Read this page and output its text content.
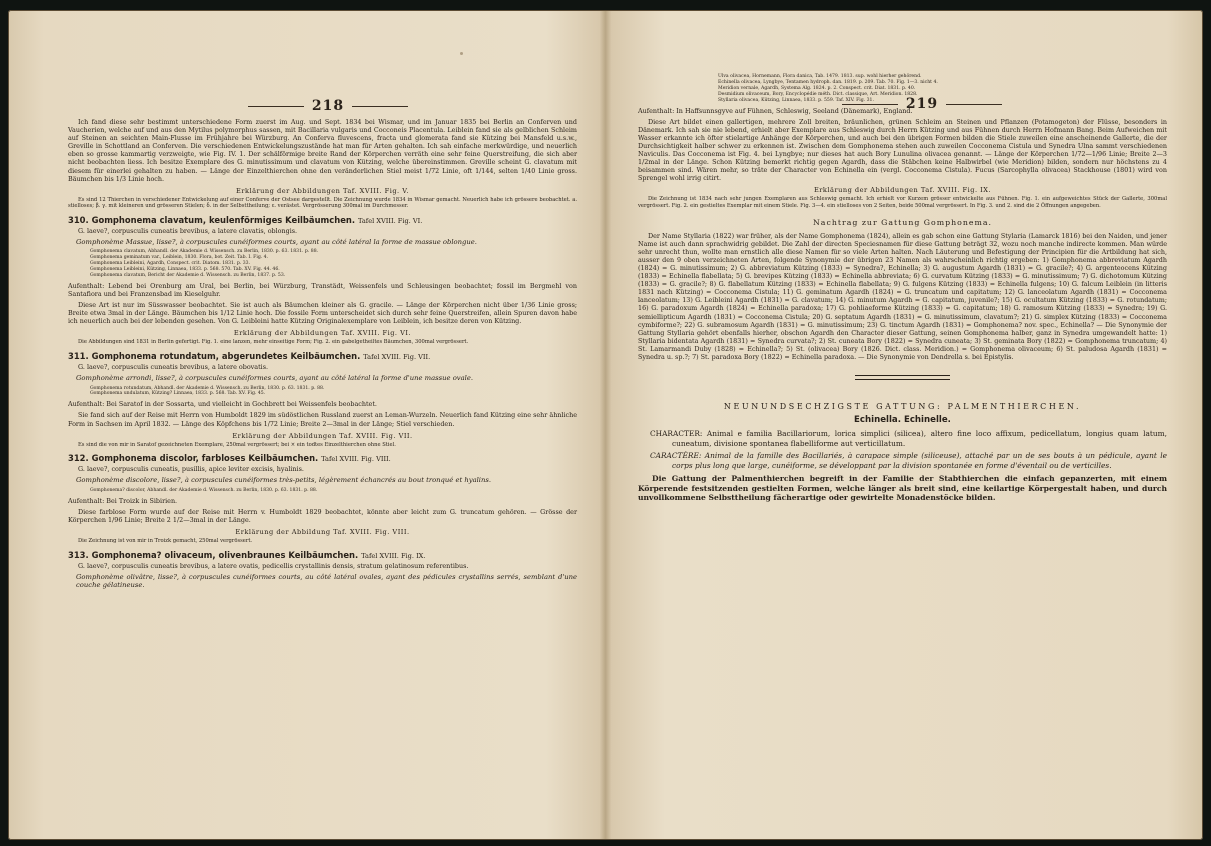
218

Ich fand diese sehr bestimmt unterschiedene Form zuerst im Aug. und Sept. 1834 bei Wismar, und im Januar 1835 bei Berlin an Conferven und Vaucherien, welche auf und aus den Mytilus polymorphus sassen, mit Bacillaria vulgaris und Cocconeis Placentula. Leiblein fand sie als gelblichen Schleim auf Steinen an seichten Main-Flusse im Frühjahre bei Würzburg. An Conferva fluvescens, fracta und glomerata fand sie Kützing bei Mansfeld u.s.w., Greville in Schottland an Conferven. Die verschiedenen Entwickelungszustände hat man für Arten gehalten. Ich sah einfache merkwürdige, und neuerlich eben so grosse kammartig verzweigte, wie Fig. IV. 1. Der schälförmige breite Rand der Körperchen verräth eine sehr feine Querstreifung, die sich aber nicht beobachten liess. Ich besitze Exemplare des G. minutissimum und clavatum von Kützing, welche übereinstimmen. Greville scheint G. clavatum mit diesem für einerlei gehalten zu haben. — Länge der Einzelthierchen ohne den veränderlichen Stiel meist 1/72 Linie, oft 1/144, selten 1/40 Linie gross. Bäumchen bis 1/3 Linie hoch.

Erklärung der Abbildungen Taf. XVIII. Fig. V.

Es sind 12 Thierchen in verschiedener Entwickelung auf einer Conferve der Ostsee dargestellt. Die Zeichnung wurde 1834 in Wismar gemacht. Neuerlich habe ich grössere beobachtet. a. stielloses; β. γ. mit kleineren und grösseren Stielen; δ. in der Selbsttheilung; ε. verästet. Vergrösserung 300mal im Durchmesser.

310. Gomphonema clavatum, keulenförmiges Keilbäumchen. Tafel XVIII. Fig. VI.

G. laeve?, corpusculis cuneatis brevibus, a latere clavatis, oblongis.

Gomphonème Massue, lisse?, à corpuscules cunéiformes courts, ayant au côté latéral la forme de massue oblongue.

Gomphonema clavatum, Abhandl. der Akademie d. Wissensch. zu Berlin, 1830. p. 63. 1831. p. 88.

Gomphonema geminatum var., Leiblein, 1830. Flora, bot. Zeit. Tab. I. Fig. 4.

Gomphonema Leibleini, Agardh, Conspect. crit. Diatom. 1831. p. 33.

Gomphonema Leibleini, Kützing, Linnaea, 1833. p. 568. 570. Tab. XV. Fig. 44. 46.

Gomphonema clavatum, Bericht der Akademie d. Wissensch. zu Berlin, 1837. p. 53.

Aufenthalt: Lebend bei Orenburg am Ural, bei Berlin, bei Würzburg, Transtädt, Weissenfels und Schleusingen beobachtet; fossil im Bergmehl von Santafiora und bei Franzensbad im Kieselguhr.

Diese Art ist nur im Süsswasser beobachtet. Sie ist auch als Bäumchen kleiner als G. gracile. — Länge der Körperchen nicht über 1/36 Linie gross; Breite etwa 3mal in der Länge. Bäumchen bis 1/12 Linie hoch. Die fossile Form unterscheidet sich durch sehr feine Querstreifen, allein Spuren davon habe ich neuerlich auch bei der lebenden gesehen. Von G. Leibleini hatte Kützing Originalexemplare von Leiblein, ich besitze deren von Kützing.

Erklärung der Abbildungen Taf. XVIII. Fig. VI.

Die Abbildungen sind 1831 in Berlin gefertigt. Fig. 1. eine lanzen, mehr einseitige Form; Fig. 2. ein gabelgetheiltes Bäumchen, 300mal vergrössert.

311. Gomphonema rotundatum, abgerundetes Keilbäumchen. Tafel XVIII. Fig. VII.

G. laeve?, corpusculis cuneatis brevibus, a latere obovatis.

Gomphonème arrondi, lisse?, à corpuscules cunéiformes courts, ayant au côté latéral la forme d'une massue ovale.

Gomphonema rotundatum, Abhandl. der Akademie d. Wissensch. zu Berlin, 1830. p. 63. 1831. p. 88.

Gomphonema undulatum, Kützing? Linnaea, 1833. p. 568. Tab. XV. Fig. 45.

Aufenthalt: Bei Saratof in der Sossarta, und vielleicht in Gochbrett bei Weissenfels beobachtet.

Sie fand sich auf der Reise mit Herrn von Humboldt 1829 im südöstlichen Russland zuerst an Leman-Wurzeln. Neuerlich fand Kützing eine sehr ähnliche Form in Sachsen im April 1832. — Länge des Köpfchens bis 1/72 Linie; Breite 2—3mal in der Länge; Stiel verschieden.

Erklärung der Abbildungen Taf. XVIII. Fig. VII.

Es sind die von mir in Saratof gezeichneten Exemplare, 250mal vergrössert; bei × ein todtes Einzelthierchen ohne Stiel.

312. Gomphonema discolor, farbloses Keilbäumchen. Tafel XVIII. Fig. VIII.

G. laeve?, corpusculis cuneatis, pusillis, apice leviter excisis, hyalinis.

Gomphonème discolore, lisse?, à corpuscules cunéiformes très-petits, légèrement échancrés au bout tronqué et hyalins.

Gomphonema? discolor, Abhandl. der Akademie d. Wissensch. zu Berlin, 1830. p. 63. 1831. p. 88.

Aufenthalt: Bei Troizk in Sibirien.

Diese farblose Form wurde auf der Reise mit Herrn v. Humboldt 1829 beobachtet, könnte aber leicht zum G. truncatum gehören. — Grösse der Körperchen 1/96 Linie; Breite 2 1/2—3mal in der Länge.

Erklärung der Abbildung Taf. XVIII. Fig. VIII.

Die Zeichnung ist von mir in Troizk gemacht, 250mal vergrössert.

313. Gomphonema? olivaceum, olivenbraunes Keilbäumchen. Tafel XVIII. Fig. IX.

G. laeve?, corpusculis cuneatis brevibus, a latere ovatis, pedicellis crystallinis densis, stratum gelatinosum referentibus.

Gomphonème olivâtre, lisse?, à corpuscules cunéiformes courts, au côté latéral ovales, ayant des pédicules crystallins serrés, semblant d'une couche gélatineuse.

219

Ulva olivacea, Hornemann, Flora danica, Tab. 1479. 1813. sup. wohl hierher gehörend.

Echinella olivacea, Lyngbye, Tentamen hydroph. dan. 1819. p. 209. Tab. 70. Fig. 1—3. nicht 4.

Meridion vernale, Agardh, Systema Alg. 1824. p. 2. Conspect. crit. Diat. 1831. p. 40.

Desmidium olivaceum, Bory, Encyclopédie méth. Dict. classique, Art. Meridion. 1828.

Styllaria olivacea, Kützing, Linnaea, 1833. p. 559. Taf. XIV. Fig. 31.

Aufenthalt: In Haffsunnsgyve auf Fühnen, Schleswig, Seeland (Dänemark), England.

Diese Art bildet einen gallertigen, mehrere Zoll breiten, bräunlichen, grünen Schleim an Steinen und Pflanzen (Potamogeton) der Flüsse, besonders in Dänemark. Ich sah sie nie lebend, erhielt aber Exemplare aus Schleswig durch Herrn Kützing und aus Fühnen durch Herrn Hofmann Bang. Beim Aufweichen mit Wasser erkannte ich öfter stielartige Anhänge der Körperchen, und auch bei den übrigen Formen bilden die Stiele zuweilen eine anscheinende Gallerte, die der Durchsichtigkeit halber schwer zu erkennen ist. Zwischen dem Gomphonema stehen auch zuweilen Cocconema Cistula und Synedra Ulna sammt verschiedenen Naviculis. Das Cocconema ist Fig. 4. bei Lyngbye; nur dieses hat auch Bory Lunulina olivacea genannt. — Länge der Körperchen 1/72—1/96 Linie; Breite 2—3 1/2mal in der Länge. Schon Kützing bemerkt richtig gegen Agardh, dass die Stäbchen keine Halbwirbel (wie Meridion) bilden, sondern nur höchstens zu 4 beisammen sind. Wären mehr, so träte der Character von Echinella ein (vergl. Cocconema Cistula). Fucus (Sarcophylla olivacea) Stackhouse (1801) wird von Sprengel wohl irrig citirt.

Erklärung der Abbildungen Taf. XVIII. Fig. IX.

Die Zeichnung ist 1834 nach sehr jungen Exemplaren aus Schleswig gemacht. Ich erhielt vor Kurzem grösser entwickelte aus Fühnen. Fig. 1. ein aufgeweichtes Stück der Gallerte, 300mal vergrössert. Fig. 2. ein gestieltes Exemplar mit einem Stiele. Fig. 3—4. ein stielloses von 2 Seiten, beide 500mal vergrössert. In Fig. 3. und 2. sind die 2 Öffnungen angegeben.

Nachtrag zur Gattung Gomphonema.

Der Name Styllaria (1822) war früher, als der Name Gomphonema (1824), allein es gab schon eine Gattung Stylaria (Lamarck 1816) bei den Naiden, und jener Name ist auch dann sprachwidrig gebildet. Die Zahl der directen Speciesnamen für diese Gattung beträgt 32, wozu noch manche indirecte kommen. Man würde sehr unrecht thun, wollte man ernstlich alle diese Namen für so viele Arten halten. Nach Läuterung und Befestigung der Principien für die Artbildung hat sich, ausser den 9 oben verzeichneten Arten, folgende Synonymie der übrigen 23 Namen als wahrscheinlich richtig ergeben: 1) Gomphonema abbreviatum Agardh (1824) = G. minutissimum; 2) G. abbreviatum Kützing (1833) = Synedra?, Echinella; 3) G. augustum Agardh (1831) = G. gracile?; 4) G. argenteocens Kützing (1833) = Echinella flabellata; 5) G. brevipes Kützing (1833) = Echinella abbreviata; 6) G. curvatum Kützing (1833) = G. minutissimum; 7) G. dichotomum Kützing (1833) = G. gracile?; 8) G. flabellatum Kützing (1833) = Echinella flabellata; 9) G. fulgens Kützing (1833) = Echinella fulgens; 10) G. falcum Leiblein (in litteris 1831 nach Kützing) = Cocconema Cistula; 11) G. geminatum Agardh (1824) = G. truncatum und capitatum; 12) G. lanceolatum Agardh (1831) = Cocconema lanceolatum; 13) G. Leibleini Agardh (1831) = G. clavatum; 14) G. minutum Agardh = G. capitatum, juvenile?; 15) G. ocultatum Kützing (1833) = G. rotundatum; 16) G. paradoxum Agardh (1824) = Echinella paradoxa; 17) G. pohliaeforme Kützing (1833) = G. capitatum; 18) G. ramosum Kützing (1833) = Synedra; 19) G. semiellipticum Agardh (1831) = Cocconema Cistula; 20) G. septatum Agardh (1831) = G. minutissimum, clavatum?; 21) G. simplex Kützing (1833) = Cocconema cymbiforme?; 22) G. subramosum Agardh (1831) = G. minutissimum; 23) G. tinctum Agardh (1831) = Gomphonema? nov. spec., Echinella? — Die Synonymie der Gattung Styllaria gehört ebenfalls hierher, obschon Agardh den Character dieser Gattung, seinen Gomphonema halber, ganz in Synedra umgewandelt hatte: 1) Styllaria bidentata Agardh (1831) = Synedra curvata?; 2) St. cuneata Bory (1822) = Synedra cuneata; 3) St. geminata Bory (1822) = Gomphonema truncatum; 4) St. Lamarmandi Duby (1828) = Echinella?; 5) St. (olivacea) Bory (1826. Dict. class. Meridion.) = Gomphonema olivaceum; 6) St. paludosa Agardh (1831) = Synedra u. sp.?; 7) St. paradoxa Bory (1822) = Echinella paradoxa. — Die Synonymie von Dendrella s. bei Epistylis.

NEUNUNDSECHZIGSTE GATTUNG: PALMENTHIERCHEN.
Echinella. Echinelle.

CHARACTER: Animal e familia Bacillariorum, lorica simplici (silicea), altero fine loco affixum, pedicellatum, longius quam latum, cuneatum, divisione spontanea flabelliforme aut verticillatum.

CARACTÈRE: Animal de la famille des Bacillariés, à carapace simple (siliceuse), attaché par un de ses bouts à un pédicule, ayant le corps plus long que large, cunéiforme, se développant par la division spontanée en forme d'éventail ou de verticilles.

Die Gattung der Palmenthierchen begreift in der Familie der Stabthierchen die einfach gepanzerten, mit einem Körperende festsitzenden gestielten Formen, welche länger als breit sind, eine keilartige Körpergestalt haben, und durch unvollkommene Selbsttheilung fächerartige oder gewirtelte Monadenstöcke bilden.
